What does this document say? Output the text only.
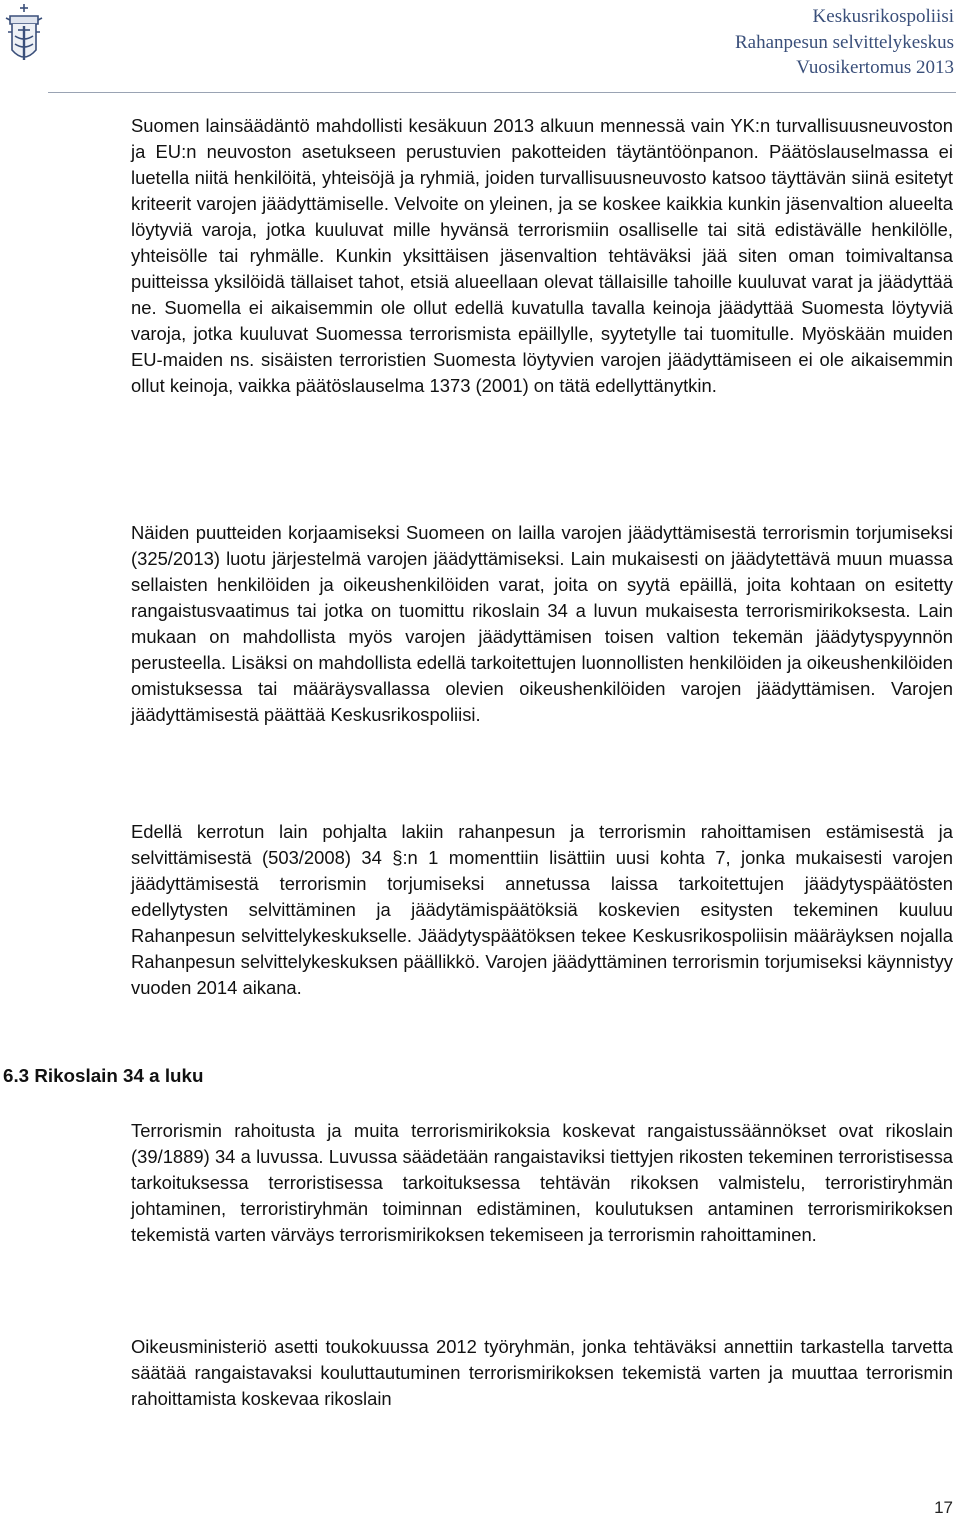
Keskusrikospoliisi
Rahanpesun selvittelykeskus
Vuosikertomus 2013

Suomen lainsäädäntö mahdollisti kesäkuun 2013 alkuun mennessä vain YK:n turvallisuusneuvoston ja EU:n neuvoston asetukseen perustuvien pakotteiden täytäntöönpanon. Päätöslauselmassa ei luetella niitä henkilöitä, yhteisöjä ja ryhmiä, joiden turvallisuusneuvosto katsoo täyttävän siinä esitetyt kriteerit varojen jäädyttämiselle. Velvoite on yleinen, ja se koskee kaikkia kunkin jäsenvaltion alueelta löytyviä varoja, jotka kuuluvat mille hyvänsä terrorismiin osalliselle tai sitä edistävälle henkilölle, yhteisölle tai ryhmälle. Kunkin yksittäisen jäsenvaltion tehtäväksi jää siten oman toimivaltansa puitteissa yksilöidä tällaiset tahot, etsiä alueellaan olevat tällaisille tahoille kuuluvat varat ja jäädyttää ne. Suomella ei aikaisemmin ole ollut edellä kuvatulla tavalla keinoja jäädyttää Suomesta löytyviä varoja, jotka kuuluvat Suomessa terrorismista epäillylle, syytetylle tai tuomitulle. Myöskään muiden EU-maiden ns. sisäisten terroristien Suomesta löytyvien varojen jäädyttämiseen ei ole aikaisemmin ollut keinoja, vaikka päätöslauselma 1373 (2001) on tätä edellyttänytkin.

Näiden puutteiden korjaamiseksi Suomeen on lailla varojen jäädyttämisestä terrorismin torjumiseksi (325/2013) luotu järjestelmä varojen jäädyttämiseksi. Lain mukaisesti on jäädytettävä muun muassa sellaisten henkilöiden ja oikeushenkilöiden varat, joita on syytä epäillä, joita kohtaan on esitetty rangaistusvaatimus tai jotka on tuomittu rikoslain 34 a luvun mukaisesta terrorismirikoksesta. Lain mukaan on mahdollista myös varojen jäädyttämisen toisen valtion tekemän jäädytyspyynnön perusteella. Lisäksi on mahdollista edellä tarkoitettujen luonnollisten henkilöiden ja oikeushenkilöiden omistuksessa tai määräysvallassa olevien oikeushenkilöiden varojen jäädyttämisen. Varojen jäädyttämisestä päättää Keskusrikospoliisi.

Edellä kerrotun lain pohjalta lakiin rahanpesun ja terrorismin rahoittamisen estämisestä ja selvittämisestä (503/2008) 34 §:n 1 momenttiin lisättiin uusi kohta 7, jonka mukaisesti varojen jäädyttämisestä terrorismin torjumiseksi annetussa laissa tarkoitettujen jäädytyspäätösten edellytysten selvittäminen ja jäädytämispäätöksiä koskevien esitysten tekeminen kuuluu Rahanpesun selvittelykeskukselle. Jäädytyspäätöksen tekee Keskusrikospoliisin määräyksen nojalla Rahanpesun selvittelykeskuksen päällikkö. Varojen jäädyttäminen terrorismin torjumiseksi käynnistyy vuoden 2014 aikana.

6.3 Rikoslain 34 a luku

Terrorismin rahoitusta ja muita terrorismirikoksia koskevat rangaistussäännökset ovat rikoslain (39/1889) 34 a luvussa. Luvussa säädetään rangaistaviksi tiettyjen rikosten tekeminen terroristisessa tarkoituksessa terroristisessa tarkoituksessa tehtävän rikoksen valmistelu, terroristiryhmän johtaminen, terroristiryhmän toiminnan edistäminen, koulutuksen antaminen terrorismirikoksen tekemistä varten värväys terrorismirikoksen tekemiseen ja terrorismin rahoittaminen.

Oikeusministeriö asetti toukokuussa 2012 työryhmän, jonka tehtäväksi annettiin tarkastella tarvetta säätää rangaistavaksi kouluttautuminen terrorismirikoksen tekemistä varten ja muuttaa terrorismin rahoittamista koskevaa rikoslain

17
